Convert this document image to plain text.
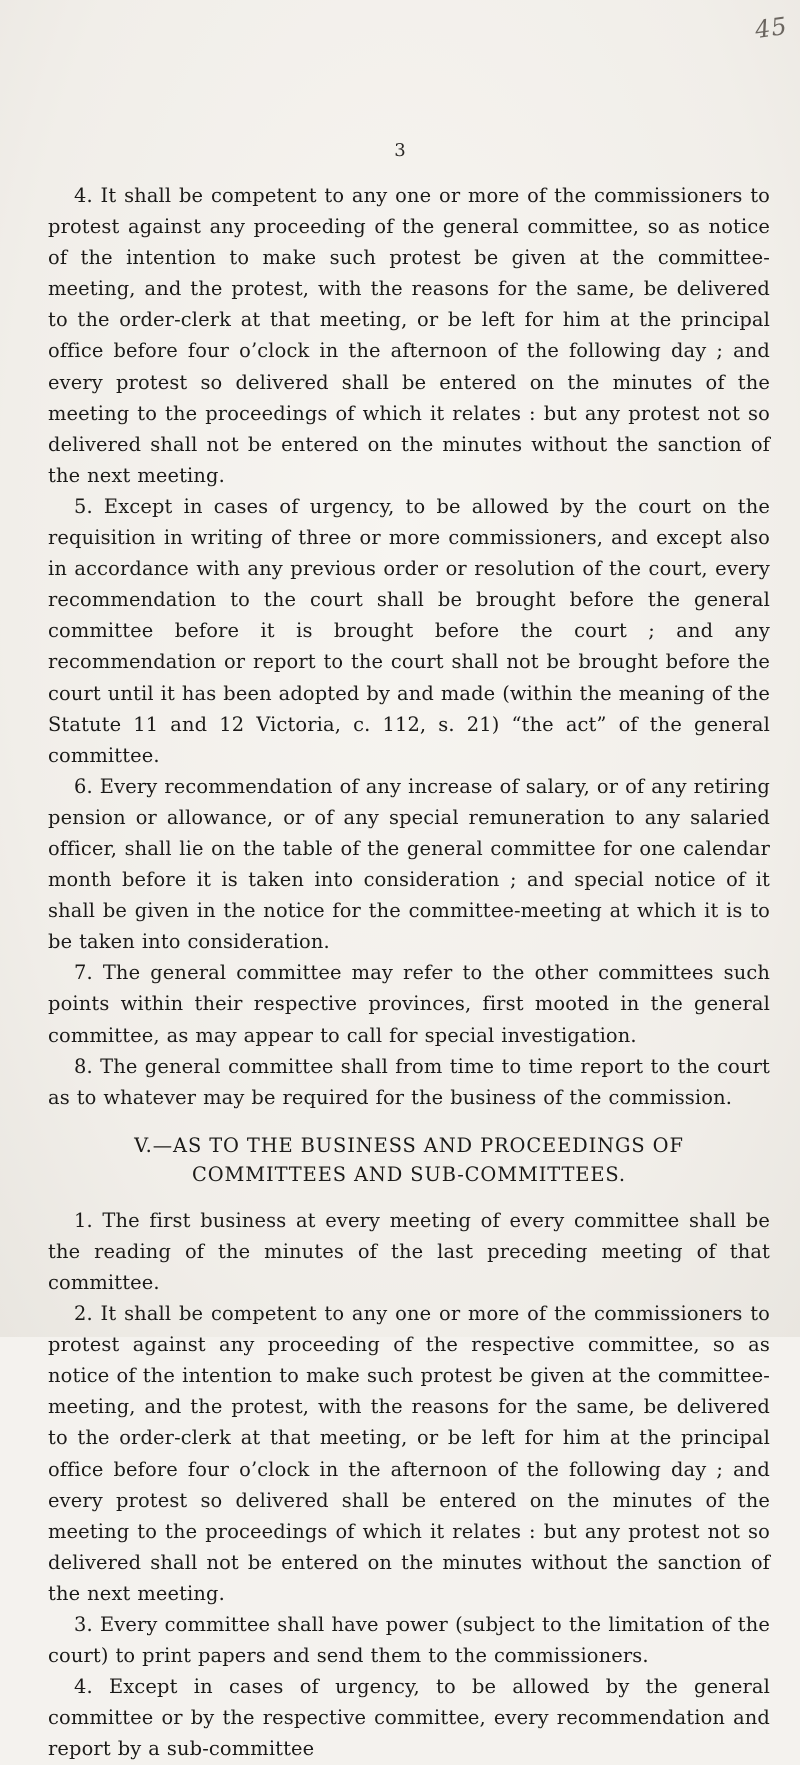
45
3

4. It shall be competent to any one or more of the commissioners to protest against any proceeding of the general committee, so as notice of the intention to make such protest be given at the committee-meeting, and the protest, with the reasons for the same, be delivered to the order-clerk at that meeting, or be left for him at the principal office before four o’clock in the afternoon of the following day ; and every protest so delivered shall be entered on the minutes of the meeting to the proceedings of which it relates : but any protest not so delivered shall not be entered on the minutes without the sanction of the next meeting.

5. Except in cases of urgency, to be allowed by the court on the requisition in writing of three or more commissioners, and except also in accordance with any previous order or resolution of the court, every recommendation to the court shall be brought before the general committee before it is brought before the court ; and any recommendation or report to the court shall not be brought before the court until it has been adopted by and made (within the meaning of the Statute 11 and 12 Victoria, c. 112, s. 21) “the act” of the general committee.

6. Every recommendation of any increase of salary, or of any retiring pension or allowance, or of any special remuneration to any salaried officer, shall lie on the table of the general committee for one calendar month before it is taken into consideration ; and special notice of it shall be given in the notice for the committee-meeting at which it is to be taken into consideration.

7. The general committee may refer to the other committees such points within their respective provinces, first mooted in the general committee, as may appear to call for special investigation.

8. The general committee shall from time to time report to the court as to whatever may be required for the business of the commission.

V.—AS TO THE BUSINESS AND PROCEEDINGS OF
COMMITTEES AND SUB-COMMITTEES.

1. The first business at every meeting of every committee shall be the reading of the minutes of the last preceding meeting of that committee.

2. It shall be competent to any one or more of the commissioners to protest against any proceeding of the respective committee, so as notice of the intention to make such protest be given at the committee-meeting, and the protest, with the reasons for the same, be delivered to the order-clerk at that meeting, or be left for him at the principal office before four o’clock in the afternoon of the following day ; and every protest so delivered shall be entered on the minutes of the meeting to the proceedings of which it relates : but any protest not so delivered shall not be entered on the minutes without the sanction of the next meeting.

3. Every committee shall have power (subject to the limitation of the court) to print papers and send them to the commissioners.

4. Except in cases of urgency, to be allowed by the general committee or by the respective committee, every recommendation and report by a sub-committee
